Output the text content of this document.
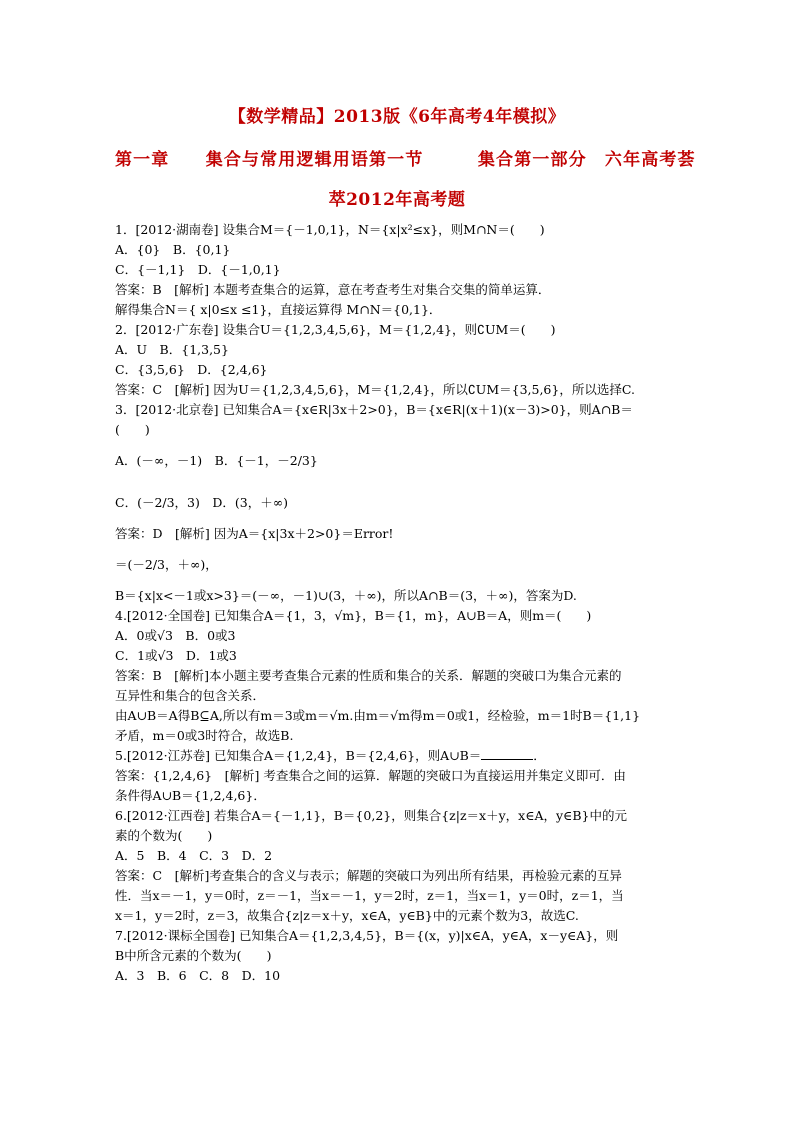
【数学精品】2013版《6年高考4年模拟》
第一章　　集合与常用逻辑用语第一节　　　集合第一部分　六年高考荟
萃2012年高考题
1．[2012·湖南卷] 设集合M＝{－1,0,1}，N＝{x|x²≤x}，则M∩N＝(　　)
A．{0}　B．{0,1}
C．{－1,1}　D．{－1,0,1}
答案：B　[解析] 本题考查集合的运算，意在考查考生对集合交集的简单运算．
解得集合N＝{ x|0≤x ≤1}，直接运算得 M∩N＝{0,1}．
2．[2012·广东卷] 设集合U＝{1,2,3,4,5,6}，M＝{1,2,4}，则∁UM＝(　　)
A．U　B．{1,3,5}
C．{3,5,6}　D．{2,4,6}
答案：C　[解析] 因为U＝{1,2,3,4,5,6}，M＝{1,2,4}，所以∁UM＝{3,5,6}，所以选择C.
3．[2012·北京卷] 已知集合A＝{x∈R|3x＋2>0}，B＝{x∈R|(x＋1)(x－3)>0}，则A∩B＝
(　　)
A．(－∞，－1)　B．{－1，－2/3}
C．(－2/3，3)　D．(3，＋∞)
答案：D　[解析] 因为A＝{x|3x＋2>0}＝Error!
＝(－2/3，＋∞)，
B＝{x|x<－1或x>3}＝(－∞，－1)∪(3，＋∞)，所以A∩B＝(3，＋∞)，答案为D.
4.[2012·全国卷] 已知集合A＝{1，3，√m}，B＝{1，m}，A∪B＝A，则m＝(　　)
A．0或√3　B．0或3
C．1或√3　D．1或3
答案：B　[解析]本小题主要考查集合元素的性质和集合的关系．解题的突破口为集合元素的
互异性和集合的包含关系．
由A∪B＝A得B⊆A,所以有m＝3或m＝√m.由m＝√m得m＝0或1，经检验，m＝1时B＝{1,1}
矛盾，m＝0或3时符合，故选B.
5.[2012·江苏卷] 已知集合A＝{1,2,4}，B＝{2,4,6}，则A∪B＝	．
答案：{1,2,4,6}　[解析] 考查集合之间的运算．解题的突破口为直接运用并集定义即可．由
条件得A∪B＝{1,2,4,6}．
6.[2012·江西卷] 若集合A＝{－1,1}，B＝{0,2}，则集合{z|z＝x＋y，x∈A，y∈B}中的元
素的个数为(　　)
A．5　B．4　C．3　D．2
答案：C　[解析]考查集合的含义与表示；解题的突破口为列出所有结果，再检验元素的互异
性．当x＝－1，y＝0时，z＝－1，当x＝－1，y＝2时，z＝1，当x＝1，y＝0时，z＝1，当
x＝1，y＝2时，z＝3，故集合{z|z＝x＋y，x∈A，y∈B}中的元素个数为3，故选C.
7.[2012·课标全国卷] 已知集合A＝{1,2,3,4,5}，B＝{(x，y)|x∈A，y∈A，x－y∈A}，则
B中所含元素的个数为(　　)
A．3　B．6　C．8　D．10
